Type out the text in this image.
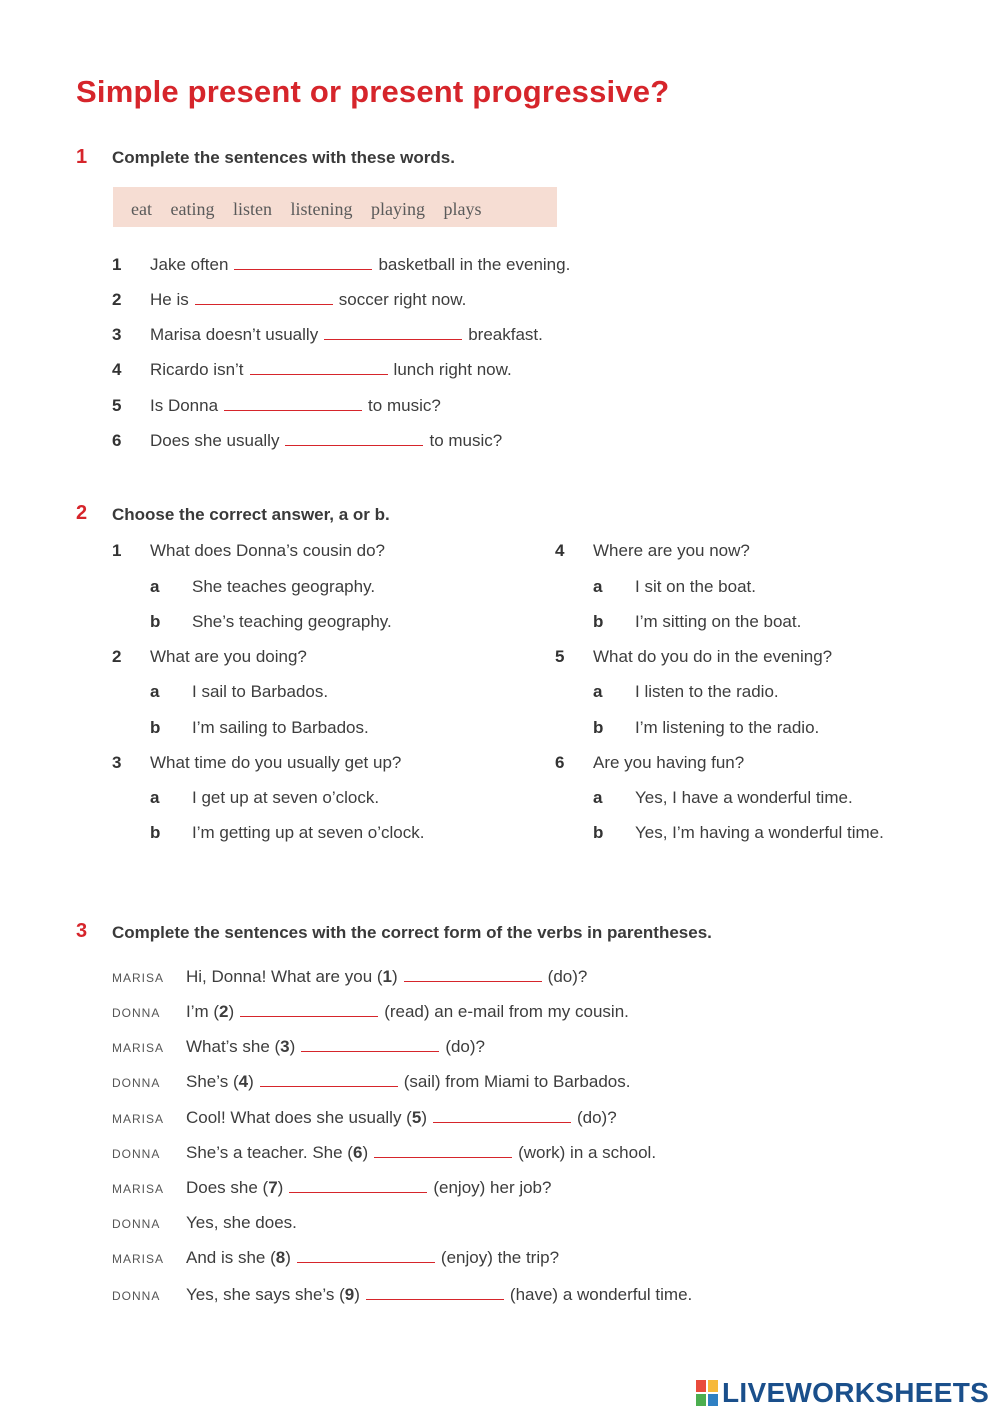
Simple present or present progressive?
1 Complete the sentences with these words.
eat eating listen listening playing plays
1 Jake often	basketball in the evening.
2 He is	soccer right now.
3 Marisa doesn’t usually	breakfast.
4 Ricardo isn’t	lunch right now.
5 Is Donna	to music?
6 Does she usually	to music?
2 Choose the correct answer, a or b.
1 What does Donna’s cousin do?
a She teaches geography.
b She’s teaching geography.
2 What are you doing?
a I sail to Barbados.
b I’m sailing to Barbados.
3 What time do you usually get up?
a I get up at seven o’clock.
b I’m getting up at seven o’clock.
4 Where are you now?
a I sit on the boat.
b I’m sitting on the boat.
5 What do you do in the evening?
a I listen to the radio.
b I’m listening to the radio.
6 Are you having fun?
a Yes, I have a wonderful time.
b Yes, I’m having a wonderful time.
3 Complete the sentences with the correct form of the verbs in parentheses.
MARISA Hi, Donna! What are you (1)	(do)?
DONNA I’m (2)	(read) an e-mail from my cousin.
MARISA What’s she (3)	(do)?
DONNA She’s (4)	(sail) from Miami to Barbados.
MARISA Cool! What does she usually (5)	(do)?
DONNA She’s a teacher. She (6)	(work) in a school.
MARISA Does she (7)	(enjoy) her job?
DONNA Yes, she does.
MARISA And is she (8)	(enjoy) the trip?
DONNA Yes, she says she’s (9)	(have) a wonderful time.
LIVEWORKSHEETS
